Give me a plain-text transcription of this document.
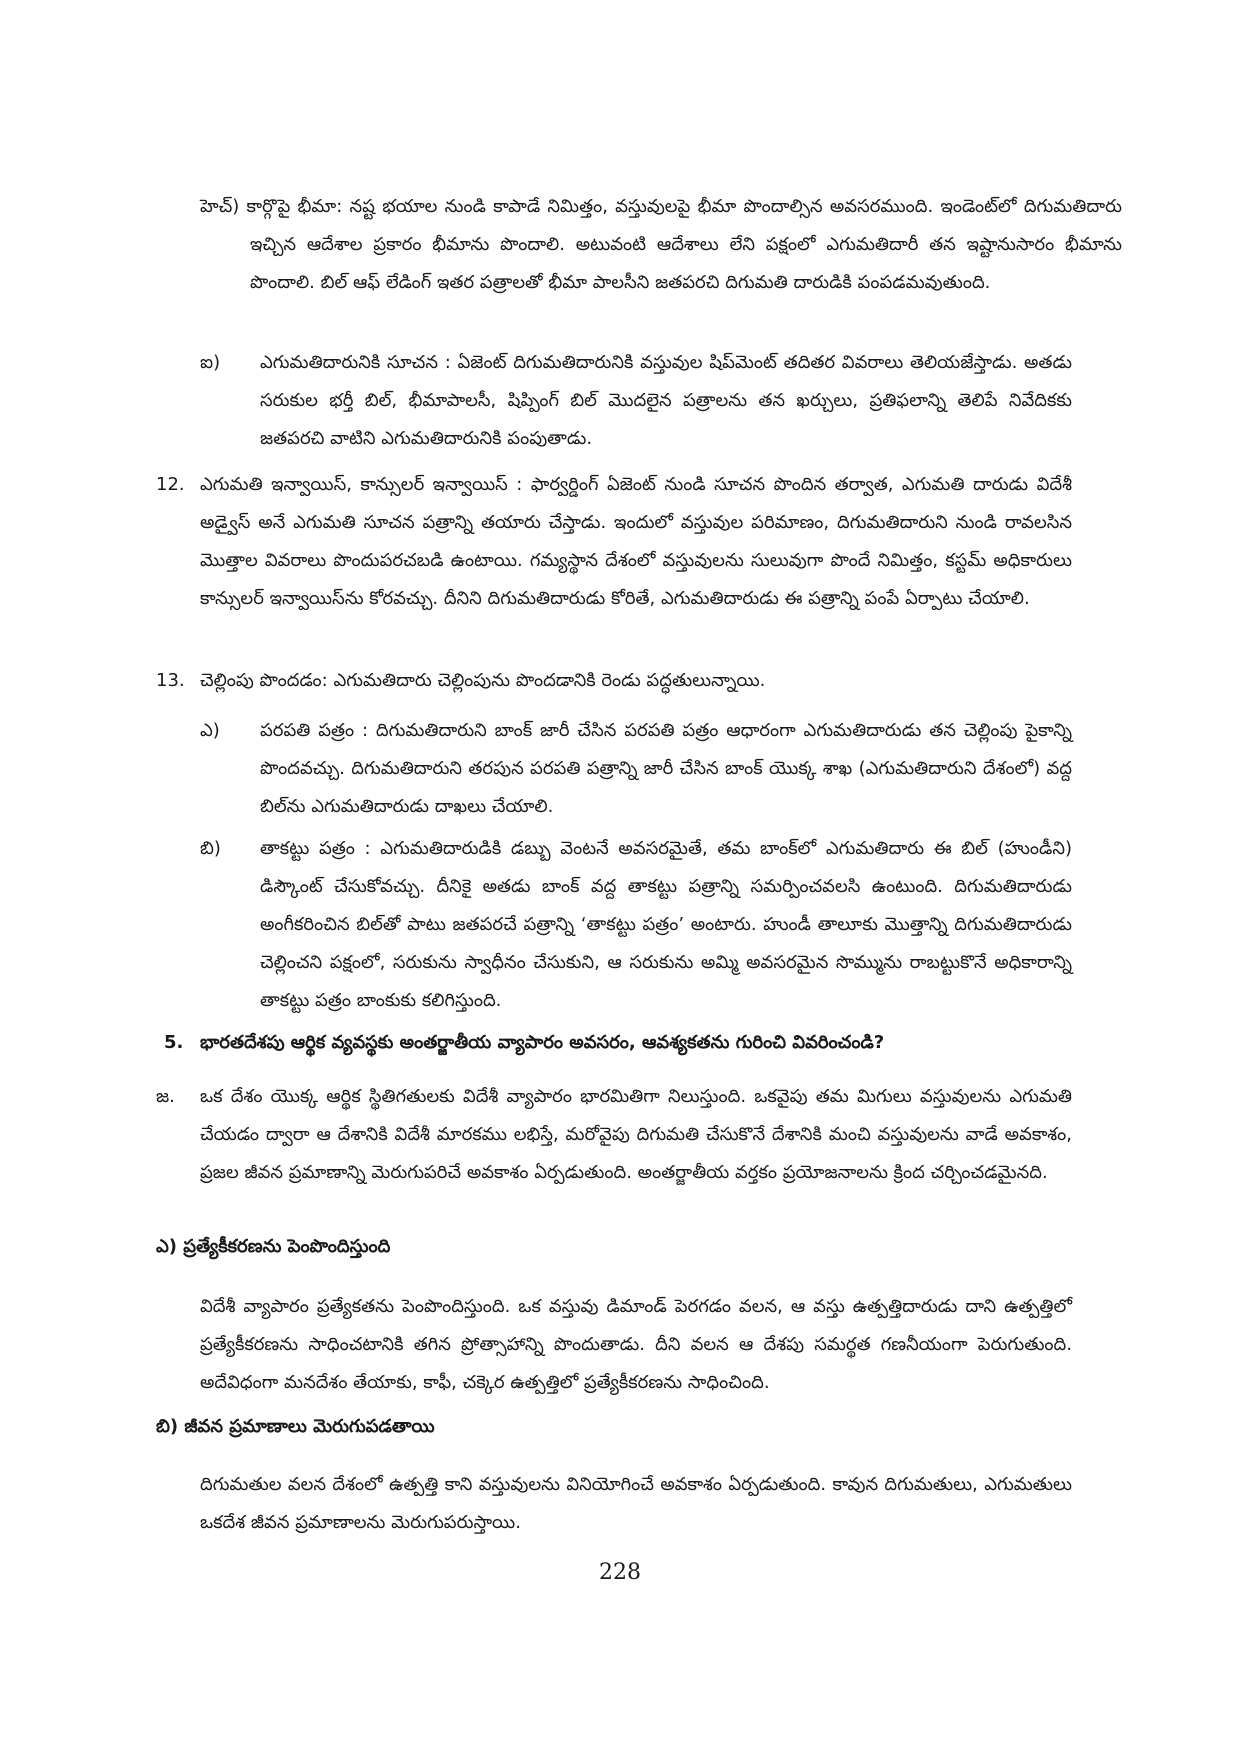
హెచ్) కార్గొపై భీమా: నష్ట భయాల నుండి కాపాడే నిమిత్తం, వస్తువులపై భీమా పొందాల్సిన అవసరముంది. ఇండెంట్‌లో దిగుమతిదారు ఇచ్చిన ఆదేశాల ప్రకారం భీమాను పొందాలి. అటువంటి ఆదేశాలు లేని పక్షంలో ఎగుమతిదారీ తన ఇష్టానుసారం భీమాను పొందాలి. బిల్ ఆఫ్ లేడింగ్ ఇతర పత్రాలతో భీమా పాలసీని జతపరచి దిగుమతి దారుడికి పంపడమవుతుంది.
ఐ) ఎగుమతిదారునికి సూచన : ఏజెంట్ దిగుమతిదారునికి వస్తువుల షిప్‌మెంట్ తదితర వివరాలు తెలియజేస్తాడు. అతడు సరుకుల భర్తీ బిల్, భీమాపాలసీ, షిప్పింగ్ బిల్ మొదలైన పత్రాలను తన ఖర్చులు, ప్రతిఫలాన్ని తెలిపే నివేదికకు జతపరచి వాటిని ఎగుమతిదారునికి పంపుతాడు.
12. ఎగుమతి ఇన్వాయిస్, కాన్సులర్ ఇన్వాయిస్ : ఫార్వర్డింగ్ ఏజెంట్ నుండి సూచన పొందిన తర్వాత, ఎగుమతి దారుడు విదేశీ అడ్వైస్ అనే ఎగుమతి సూచన పత్రాన్ని తయారు చేస్తాడు. ఇందులో వస్తువుల పరిమాణం, దిగుమతిదారుని నుండి రావలసిన మొత్తాల వివరాలు పొందుపరచబడి ఉంటాయి. గమ్యస్థాన దేశంలో వస్తువులను సులువుగా పొందే నిమిత్తం, కస్టమ్ అధికారులు కాన్సులర్ ఇన్వాయిస్‌ను కోరవచ్చు. దీనిని దిగుమతిదారుడు కోరితే, ఎగుమతిదారుడు ఈ పత్రాన్ని పంపే ఏర్పాటు చేయాలి.
13. చెల్లింపు పొందడం: ఎగుమతిదారు చెల్లింపును పొందడానికి రెండు పద్ధతులున్నాయి.
ఎ) పరపతి పత్రం : దిగుమతిదారుని బాంక్ జారీ చేసిన పరపతి పత్రం ఆధారంగా ఎగుమతిదారుడు తన చెల్లింపు పైకాన్ని పొందవచ్చు. దిగుమతిదారుని తరపున పరపతి పత్రాన్ని జారీ చేసిన బాంక్ యొక్క శాఖ (ఎగుమతిదారుని దేశంలో) వద్ద బిల్‌ను ఎగుమతిదారుడు దాఖలు చేయాలి.
బి) తాకట్టు పత్రం : ఎగుమతిదారుడికి డబ్బు వెంటనే అవసరమైతే, తమ బాంక్‌లో ఎగుమతిదారు ఈ బిల్ (హుండీని) డిస్కౌంట్ చేసుకోవచ్చు. దీనికై అతడు బాంక్ వద్ద తాకట్టు పత్రాన్ని సమర్పించవలసి ఉంటుంది. దిగుమతిదారుడు అంగీకరించిన బిల్‌తో పాటు జతపరచే పత్రాన్ని ‘తాకట్టు పత్రం’ అంటారు. హుండీ తాలూకు మొత్తాన్ని దిగుమతిదారుడు చెల్లించని పక్షంలో, సరుకును స్వాధీనం చేసుకుని, ఆ సరుకును అమ్మి అవసరమైన సొమ్మును రాబట్టుకొనే అధికారాన్ని తాకట్టు పత్రం బాంకుకు కలిగిస్తుంది.
5. భారతదేశపు ఆర్థిక వ్యవస్థకు అంతర్జాతీయ వ్యాపారం అవసరం, ఆవశ్యకతను గురించి వివరించండి?
జ. ఒక దేశం యొక్క ఆర్థిక స్థితిగతులకు విదేశీ వ్యాపారం భారమితిగా నిలుస్తుంది. ఒకవైపు తమ మిగులు వస్తువులను ఎగుమతి చేయడం ద్వారా ఆ దేశానికి విదేశీ మారకము లభిస్తే, మరోవైపు దిగుమతి చేసుకొనే దేశానికి మంచి వస్తువులను వాడే అవకాశం, ప్రజల జీవన ప్రమాణాన్ని మెరుగుపరిచే అవకాశం ఏర్పడుతుంది. అంతర్జాతీయ వర్తకం ప్రయోజనాలను క్రింద చర్చించడమైనది.
ఎ) ప్రత్యేకీకరణను పెంపొందిస్తుంది
విదేశీ వ్యాపారం ప్రత్యేకతను పెంపొందిస్తుంది. ఒక వస్తువు డిమాండ్ పెరగడం వలన, ఆ వస్తు ఉత్పత్తిదారుడు దాని ఉత్పత్తిలో ప్రత్యేకీకరణను సాధించటానికి తగిన ప్రోత్సాహాన్ని పొందుతాడు. దీని వలన ఆ దేశపు సమర్థత గణనీయంగా పెరుగుతుంది. అదేవిధంగా మనదేశం తేయాకు, కాఫీ, చక్కెర ఉత్పత్తిలో ప్రత్యేకీకరణను సాధించింది.
బి) జీవన ప్రమాణాలు మెరుగుపడతాయి
దిగుమతుల వలన దేశంలో ఉత్పత్తి కాని వస్తువులను వినియోగించే అవకాశం ఏర్పడుతుంది. కావున దిగుమతులు, ఎగుమతులు ఒకదేశ జీవన ప్రమాణాలను మెరుగుపరుస్తాయి.
228
